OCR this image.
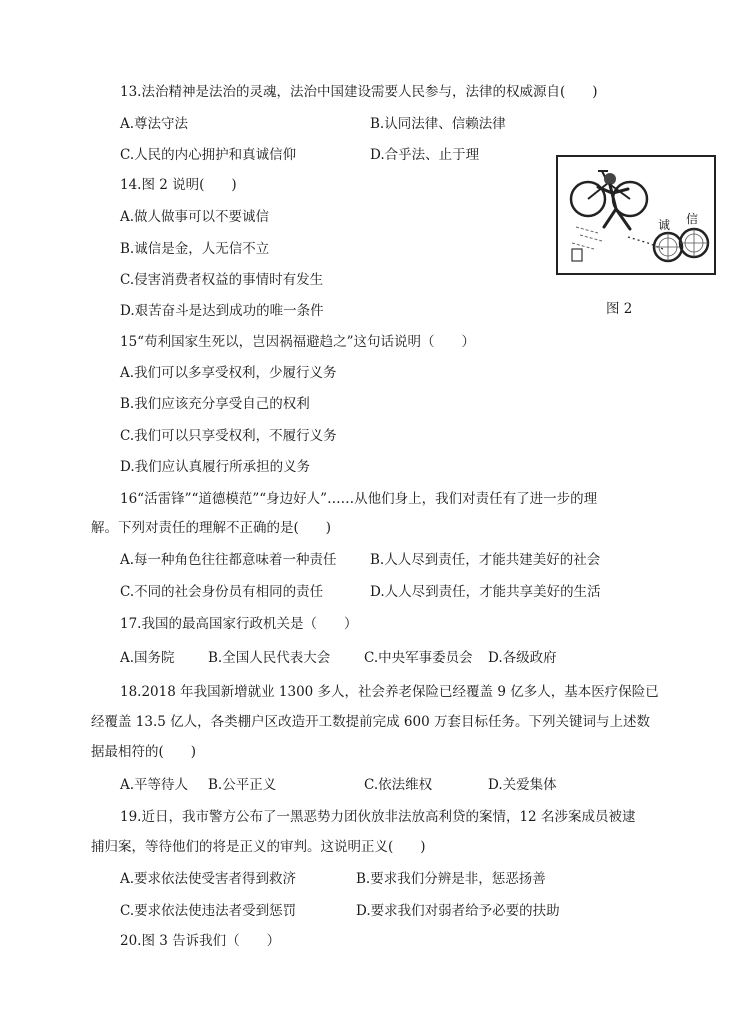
13.法治精神是法治的灵魂，法治中国建设需要人民参与，法律的权威源自(　　)
A.尊法守法	B.认同法律、信赖法律
C.人民的内心拥护和真诚信仰	D.合乎法、止于理
14.图 2 说明(　　)
A.做人做事可以不要诚信
B.诚信是金，人无信不立
C.侵害消费者权益的事情时有发生
D.艰苦奋斗是达到成功的唯一条件
诚 信
图 2
15“苟利国家生死以，岂因祸福避趋之”这句话说明（　　）
A.我们可以多享受权利，少履行义务
B.我们应该充分享受自己的权利
C.我们可以只享受权利，不履行义务
D.我们应认真履行所承担的义务
16“活雷锋”“道德模范”“身边好人”……从他们身上，我们对责任有了进一步的理
解。下列对责任的理解不正确的是(　　)
A.每一种角色往往都意味着一种责任 B.人人尽到责任，才能共建美好的社会
C.不同的社会身份员有相同的责任	D.人人尽到责任，才能共享美好的生活
17.我国的最高国家行政机关是（　　）
A.国务院 B.全国人民代表大会	C.中央军事委员会 D.各级政府
18.2018 年我国新增就业 1300 多人，社会养老保险已经覆盖 9 亿多人，基本医疗保险已
经覆盖 13.5 亿人，各类棚户区改造开工数提前完成 600 万套目标任务。下列关键词与上述数
据最相符的(　　)
A.平等待人 B.公平正义	C.依法维权	D.关爱集体
19.近日，我市警方公布了一黑恶势力团伙放非法放高利贷的案情，12 名涉案成员被逮
捕归案，等待他们的将是正义的审判。这说明正义(　　)
A.要求依法使受害者得到救济	B.要求我们分辨是非，惩恶扬善
C.要求依法使违法者受到惩罚	D.要求我们对弱者给予必要的扶助
20.图 3 告诉我们（　　）
